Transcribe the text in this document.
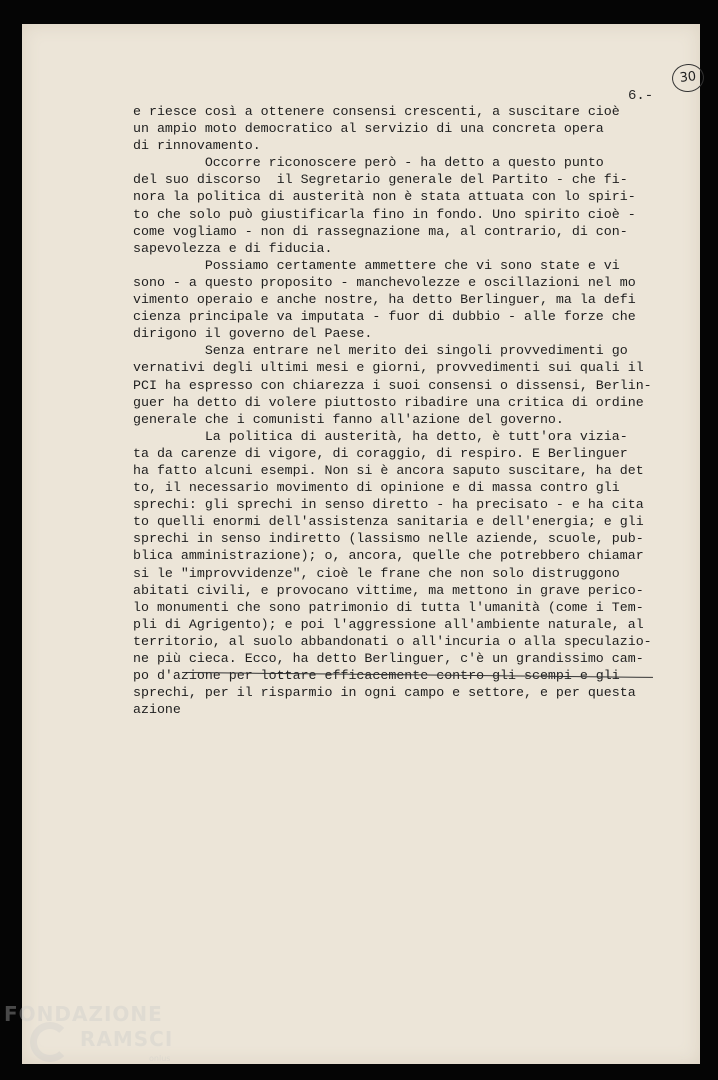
6.-
30
e riesce così a ottenere consensi crescenti, a suscitare cioè
un ampio moto democratico al servizio di una concreta opera
di rinnovamento.
Occorre riconoscere però - ha detto a questo punto
del suo discorso  il Segretario generale del Partito - che fi-
nora la politica di austerità non è stata attuata con lo spiri-
to che solo può giustificarla fino in fondo. Uno spirito cioè -
come vogliamo - non di rassegnazione ma, al contrario, di con-
sapevolezza e di fiducia.
Possiamo certamente ammettere che vi sono state e vi
sono - a questo proposito - manchevolezze e oscillazioni nel mo
vimento operaio e anche nostre, ha detto Berlinguer, ma la defi
cienza principale va imputata - fuor di dubbio - alle forze che
dirigono il governo del Paese.
Senza entrare nel merito dei singoli provvedimenti go
vernativi degli ultimi mesi e giorni, provvedimenti sui quali il
PCI ha espresso con chiarezza i suoi consensi o dissensi, Berlin-
guer ha detto di volere piuttosto ribadire una critica di ordine
generale che i comunisti fanno all'azione del governo.
La politica di austerità, ha detto, è tutt'ora vizia-
ta da carenze di vigore, di coraggio, di respiro. E Berlinguer
ha fatto alcuni esempi. Non si è ancora saputo suscitare, ha det
to, il necessario movimento di opinione e di massa contro gli
sprechi: gli sprechi in senso diretto - ha precisato - e ha cita
to quelli enormi dell'assistenza sanitaria e dell'energia; e gli
sprechi in senso indiretto (lassismo nelle aziende, scuole, pub-
blica amministrazione); o, ancora, quelle che potrebbero chiamar
si le "improvvidenze", cioè le frane che non solo distruggono
abitati civili, e provocano vittime, ma mettono in grave perico-
lo monumenti che sono patrimonio di tutta l'umanità (come i Tem-
pli di Agrigento); e poi l'aggressione all'ambiente naturale, al
territorio, al suolo abbandonati o all'incuria o alla speculazio-
ne più cieca. Ecco, ha detto Berlinguer, c'è un grandissimo cam-
po d'azione per lottare efficacemente contro gli scempi e gli
sprechi, per il risparmio in ogni campo e settore, e per questa
azione
FONDAZIONE
RAMSCI
onlus
